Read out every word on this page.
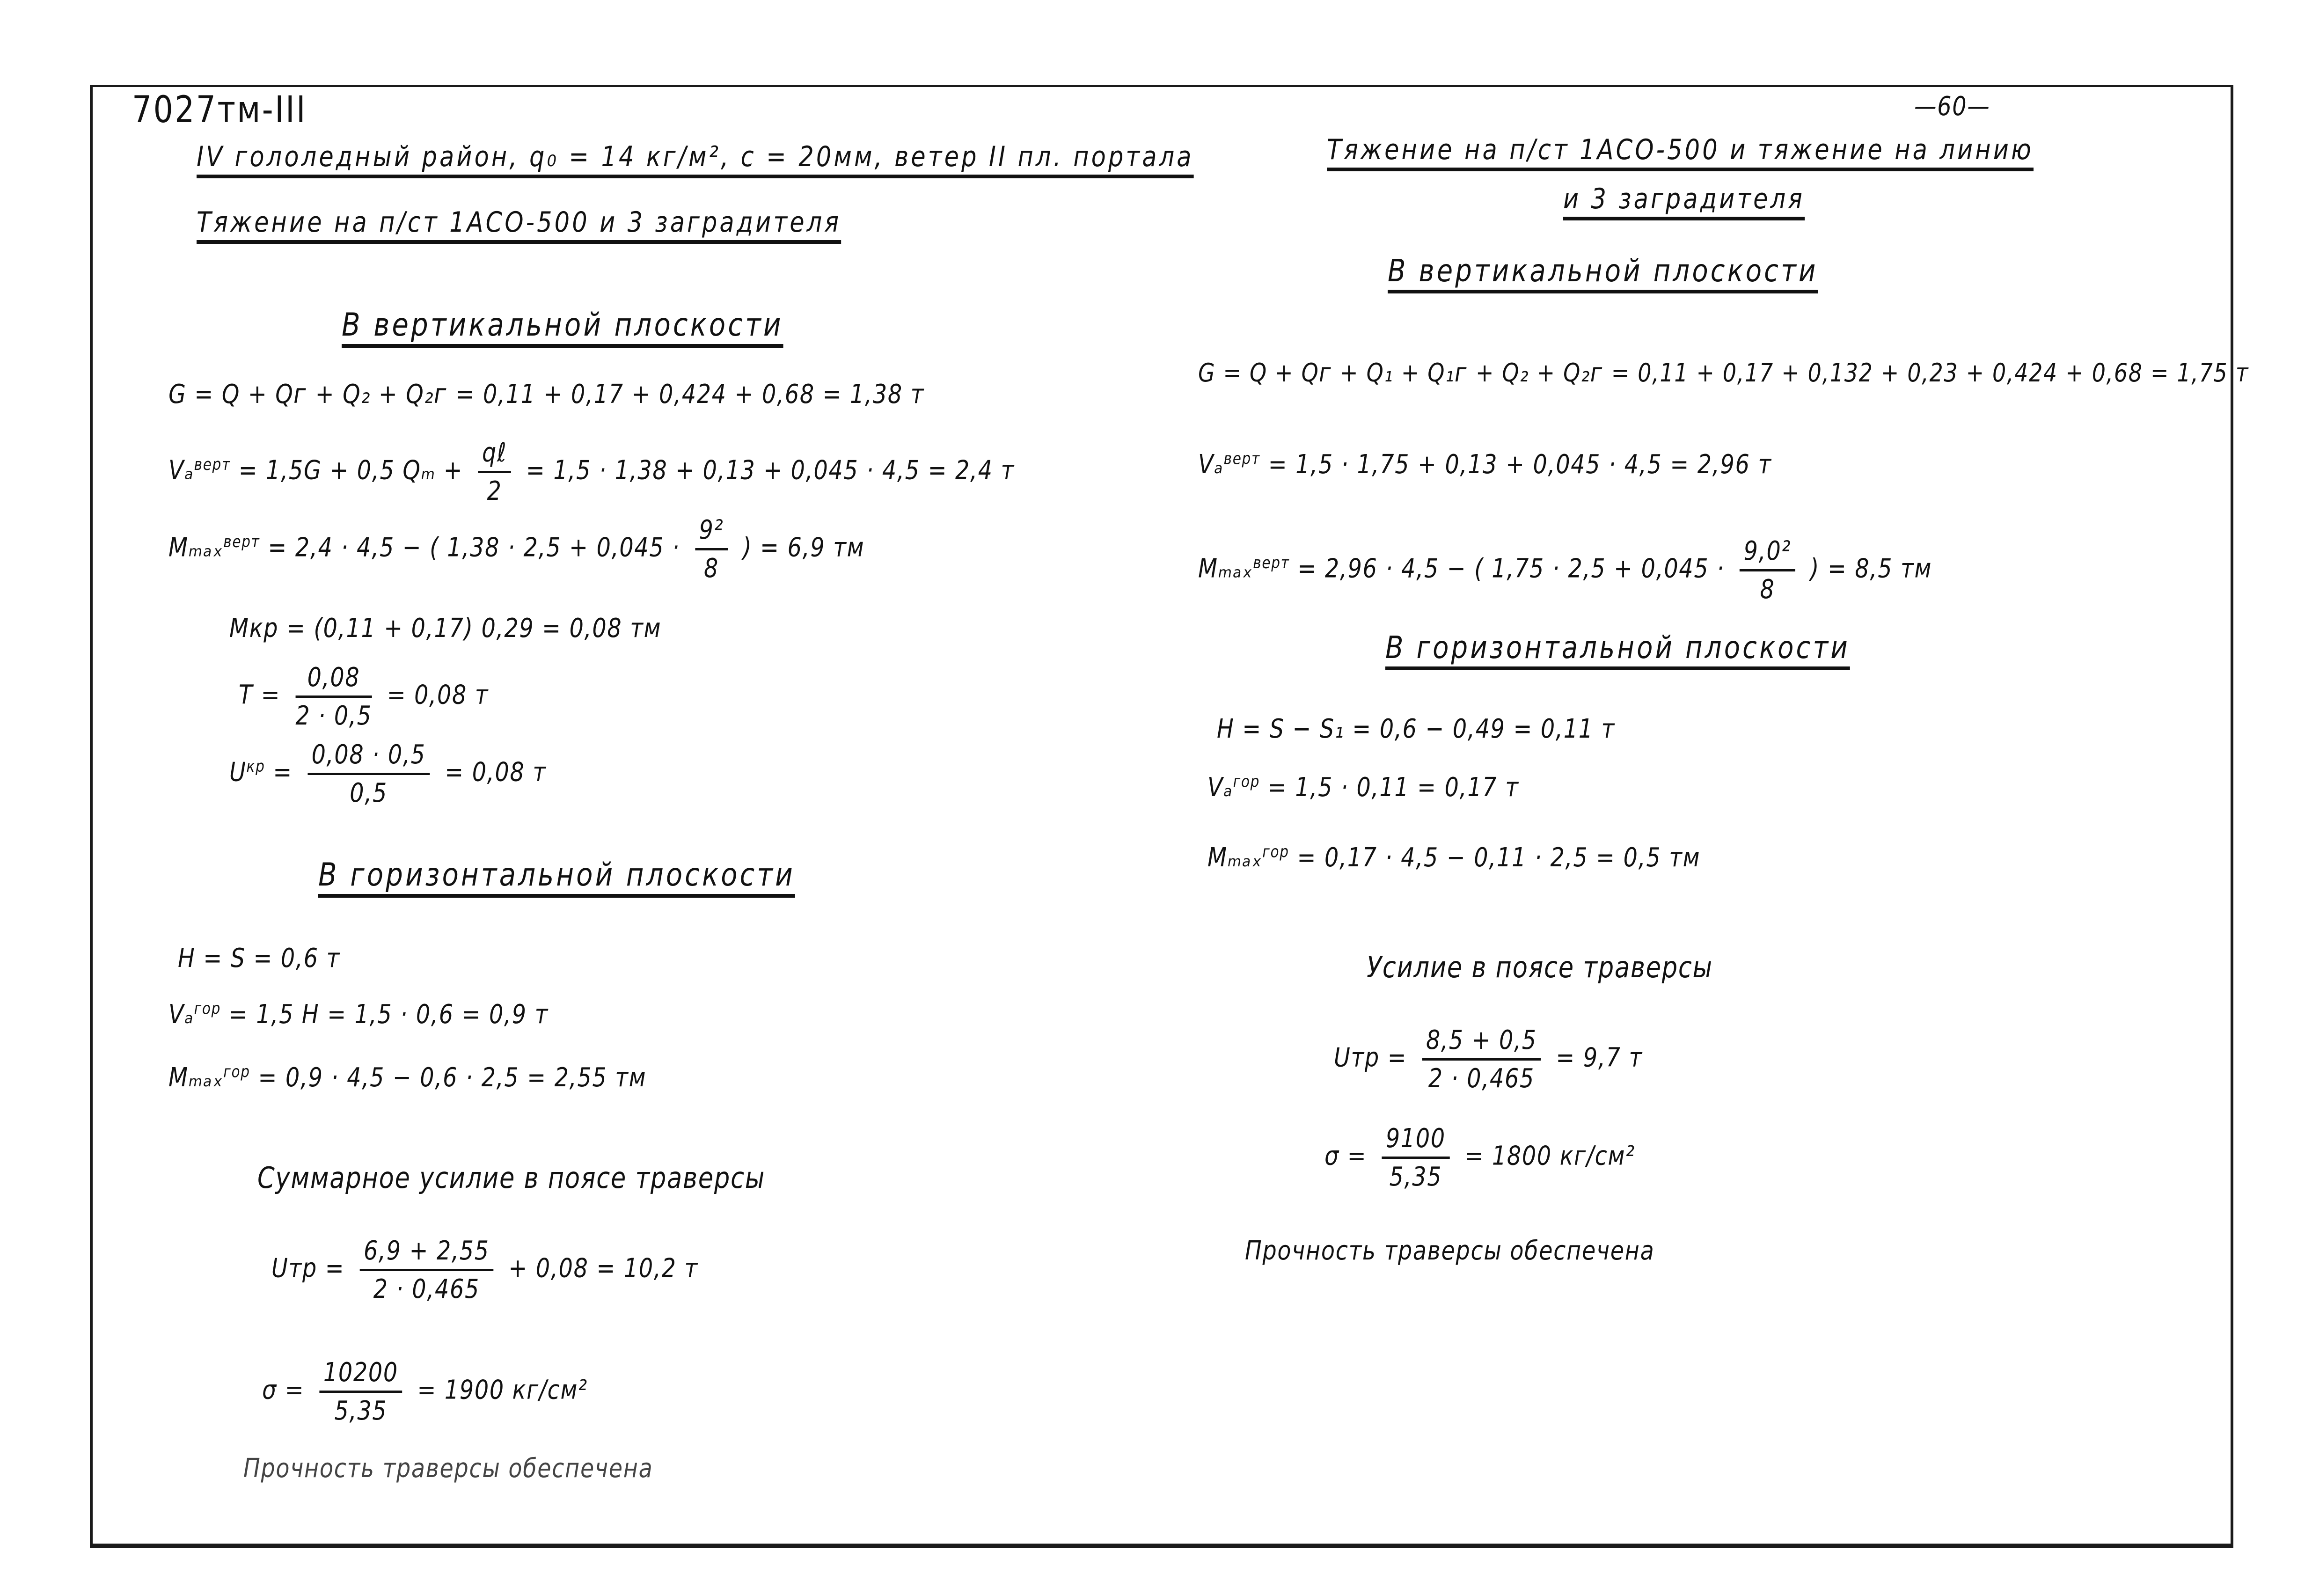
7027тм-III	—60—
IV гололедный район, q₀ = 14 кг/м², c = 20мм, ветер II пл. портала
Тяжение на п/ст 1АСО-500 и 3 заградителя
В вертикальной плоскости
G = Q + Qᴦ + Q₂ + Q₂ᴦ = 0,11 + 0,17 + 0,424 + 0,68 = 1,38 т
Vₐ$^{верт}$ = 1,5G + 0,5 $Q_m + \frac{\text{qℓ}}{2} = 1,5 \cdot 1,38 + 0,13 + 0,045 \cdot 4,5 = 2,4$ т
Mₘₐₓ$^{верт}$ = 2,4 · 4,5 − ( $1,38 \cdot 2,5 + 0,045 \cdot \frac{\text{9²}}{8}$ ) = 6,9 тм
Mкр = (0,11 + 0,17) 0,29 = 0,08 тм
$T = \frac{0,08}{2 \cdot 0,5} = 0,08$ т
$U^{кр} = \frac{0,08 \cdot 0,5}{0,5} = 0,08$ т
В горизонтальной плоскости
H = S = 0,6 т
Vₐ$^{гор}$ = 1,5 H = 1,5 · 0,6 = 0,9 т
Mₘₐₓ$^{гор}$ = 0,9 · 4,5 − 0,6 · 2,5 = 2,55 тм
Суммарное усилие в поясе траверсы
Uтр = $\frac{6,9 + 2,55}{2 \cdot 0,465} + 0,08 = 10,2$ т
$\sigma = \frac{10200}{5,35} = 1900$ кг/см²
Прочность траверсы обеспечена
Тяжение на п/ст 1АСО-500 и тяжение на линию
и 3 заградителя
В вертикальной плоскости
G = Q + Qᴦ + Q₁ + Q₁ᴦ + Q₂ + Q₂ᴦ = 0,11 + 0,17 + 0,132 + 0,23 + 0,424 + 0,68 = 1,75 т
Vₐ$^{верт}$ = 1,5 · 1,75 + 0,13 + 0,045 · 4,5 = 2,96 т
Mₘₐₓ$^{верт}$ = 2,96 · 4,5 − ( $1,75 \cdot 2,5 + 0,045 \cdot \frac{\text{9,0²}}{8}$ ) = 8,5 тм
В горизонтальной плоскости
H = S − S₁ = 0,6 − 0,49 = 0,11 т
Vₐ$^{гор}$ = 1,5 · 0,11 = 0,17 т
Mₘₐₓ$^{гор}$ = 0,17 · 4,5 − 0,11 · 2,5 = 0,5 тм
Усилие в поясе траверсы
Uтр = $\frac{8,5 + 0,5}{2 \cdot 0,465} = 9,7$ т
$\sigma = \frac{9100}{5,35} = 1800$ кг/см²
Прочность траверсы обеспечена
